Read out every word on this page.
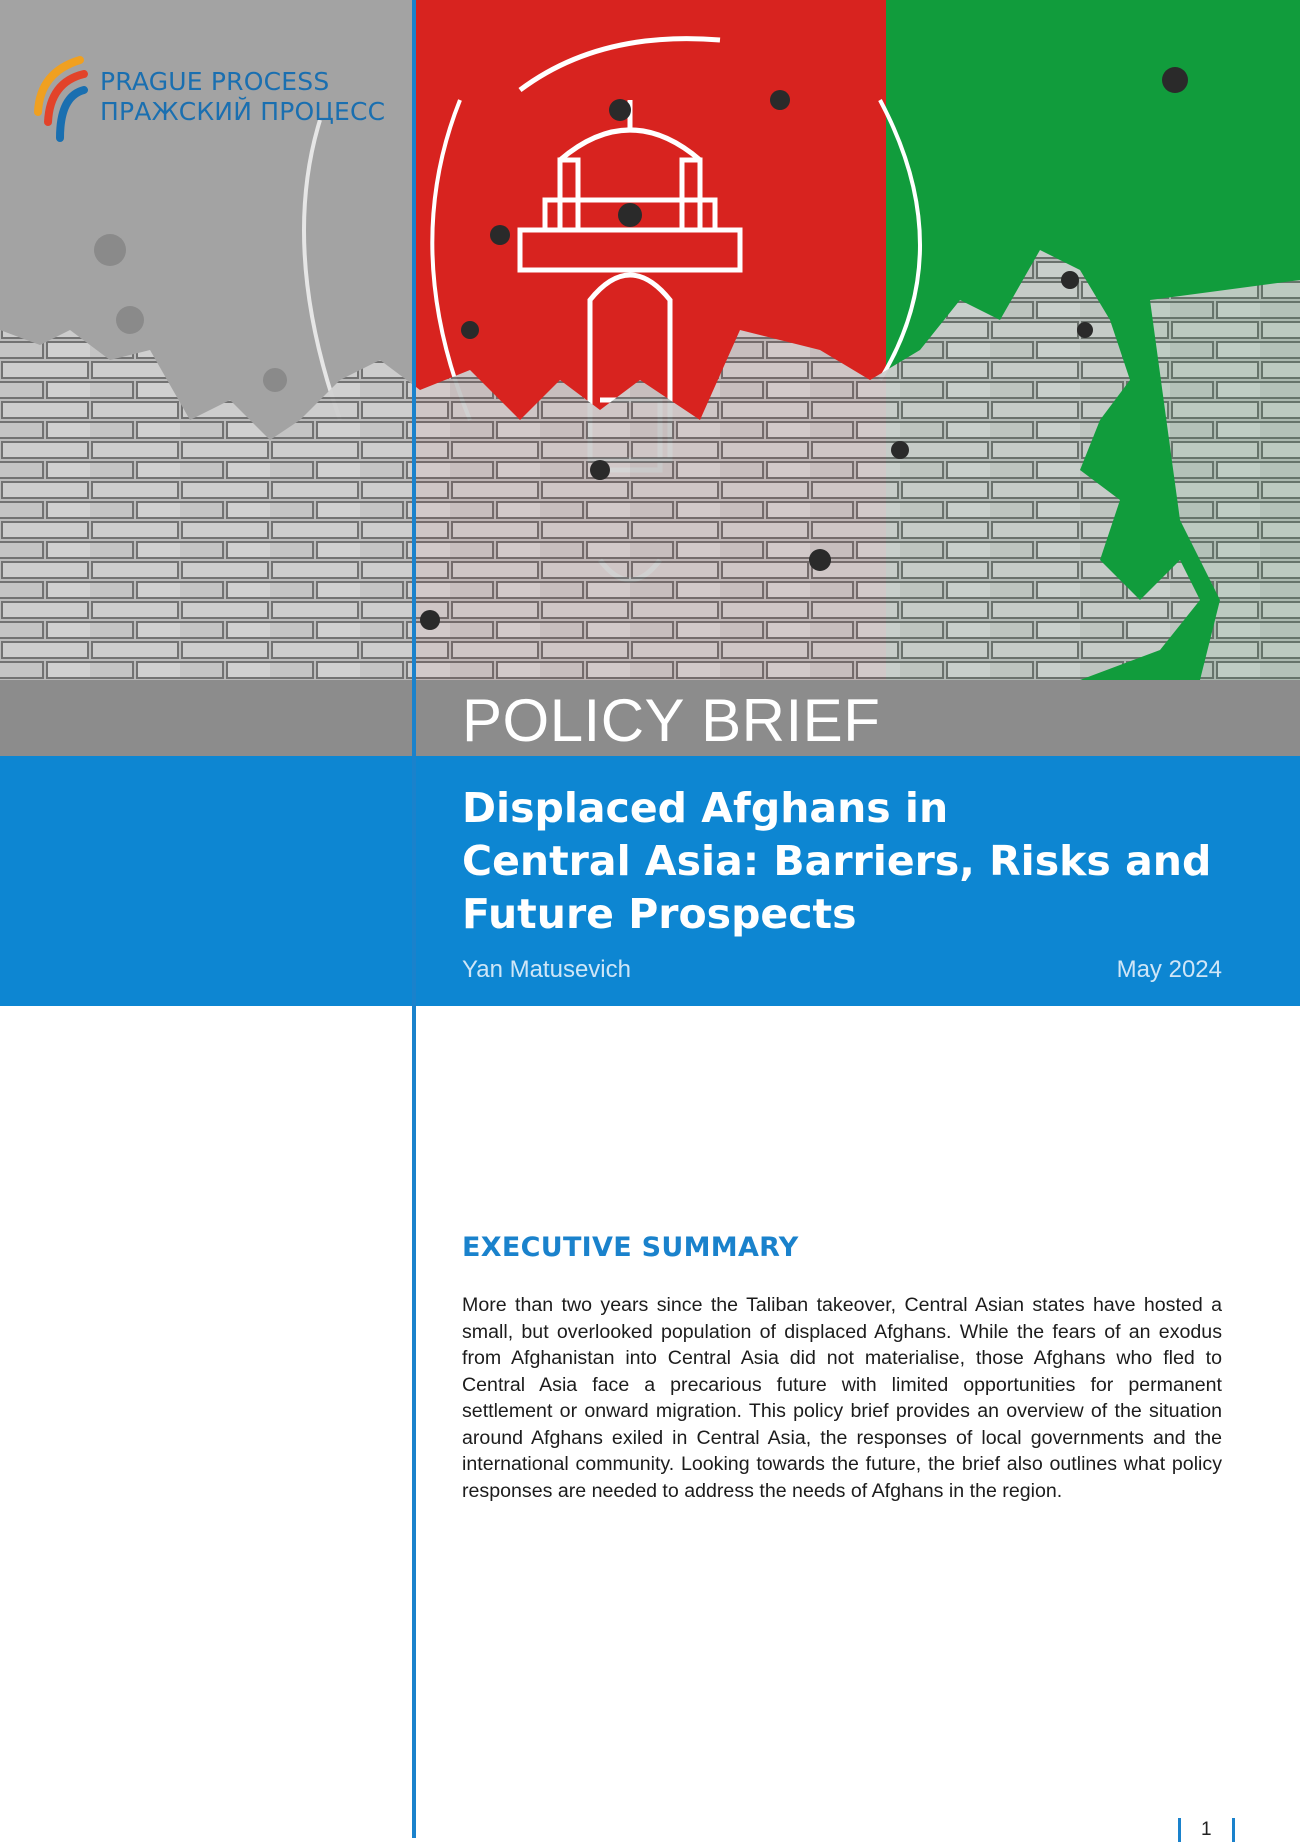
PRAGUE PROCESS
ПРАЖСКИЙ ПРОЦЕСС
POLICY BRIEF
Displaced Afghans in
Central Asia: Barriers, Risks and
Future Prospects
Yan Matusevich	May 2024
EXECUTIVE SUMMARY

More than two years since the Taliban takeover, Central Asian states have hosted a small, but overlooked population of displaced Afghans. While the fears of an exodus from Afghanistan into Central Asia did not materialise, those Afghans who fled to Central Asia face a precarious future with limited opportunities for permanent settlement or onward migration. This policy brief provides an overview of the situation around Afghans exiled in Central Asia, the responses of local governments and the international community. Looking towards the future, the brief also outlines what policy responses are needed to address the needs of Afghans in the region.

1
